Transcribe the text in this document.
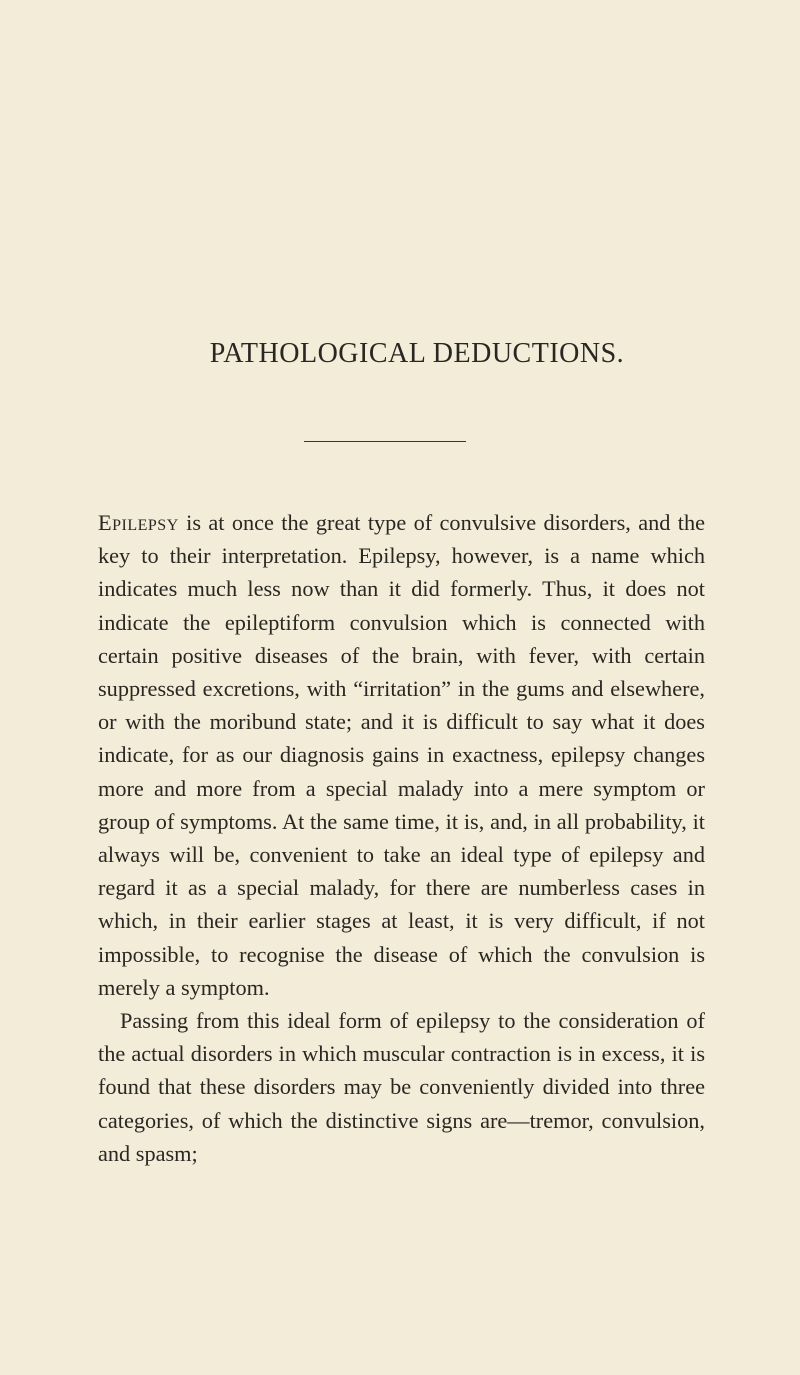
PATHOLOGICAL DEDUCTIONS.

Epilepsy is at once the great type of convulsive disorders, and the key to their interpretation. Epilepsy, however, is a name which indicates much less now than it did formerly. Thus, it does not indicate the epileptiform convulsion which is connected with certain positive diseases of the brain, with fever, with certain suppressed excretions, with “irritation” in the gums and elsewhere, or with the moribund state; and it is difficult to say what it does indicate, for as our diagnosis gains in exactness, epilepsy changes more and more from a special malady into a mere symptom or group of symptoms. At the same time, it is, and, in all probability, it always will be, convenient to take an ideal type of epilepsy and regard it as a special malady, for there are numberless cases in which, in their earlier stages at least, it is very difficult, if not impossible, to recognise the disease of which the convulsion is merely a symptom.

Passing from this ideal form of epilepsy to the consideration of the actual disorders in which muscular contraction is in excess, it is found that these disorders may be conveniently divided into three categories, of which the distinctive signs are—tremor, convulsion, and spasm;
